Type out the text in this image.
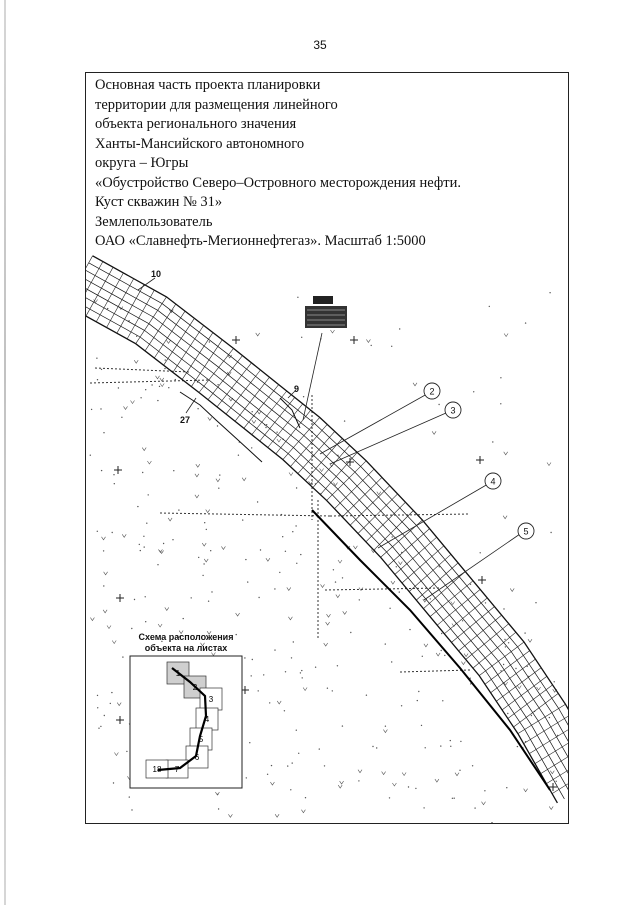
35
Основная часть проекта планировки
территории для размещения линейного
объекта регионального значения
Ханты-Мансийского автономного
округа – Югры
«Обустройство Северо–Островного месторождения нефти.
Куст скважин № 31»
Землепользователь
ОАО «Славнефть-Мегионнефтегаз». Масштаб 1:5000
2
3
4
5
10
9
27
Схема расположения
объекта на листах
1
2
3
4
5
6
7
18
